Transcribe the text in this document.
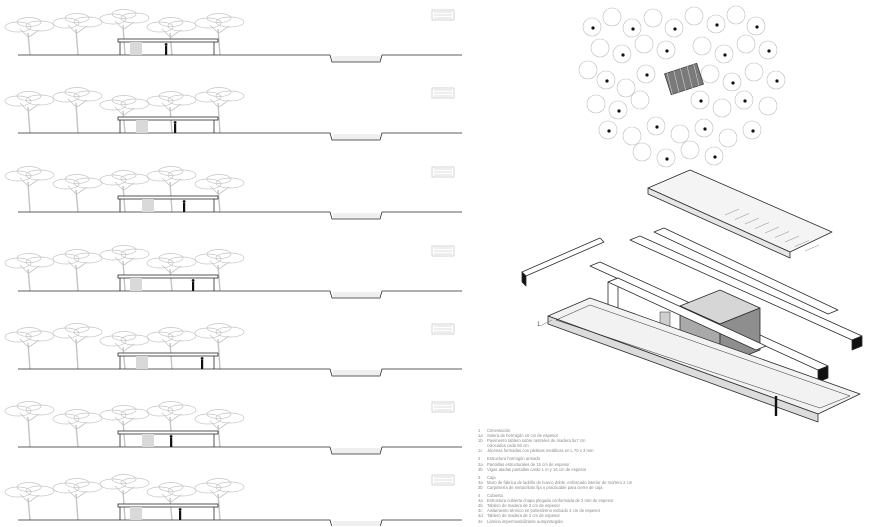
1
1	Cimentación
1a	Solera de hormigón 10 cm de espesor
1b	Pavimento tablero sobre rastreles de madera 5x7 cm
colocados cada 50 cm
1c	Jácenas formadas con pletinas metálicas en L 70 x 3 mm
2	Estructura hormigón armado
2a	Pantallas estructurales de 15 cm de espesor
2b	Vigas atadas pantallas canto 1 m y 15 cm de espesor
3	Caja
3a	Muro de fábrica de ladrillo de hueco doble, enfoscado interior de mortero 2 cm
3b	Carpintería de metacrilato fija o practicable para cierre de caja
4	Cubierta
4a	Estructura cubierta chapa plegada conformada de 2 mm de espesor
4b	Tablero de madera de 2 cm de espesor
4c	Aislamiento térmico en poliestireno extruido 4 cm de espesor
4d	Tablero de madera de 2 cm de espesor
4e	Lámina impermeabilizante autoprotegida
